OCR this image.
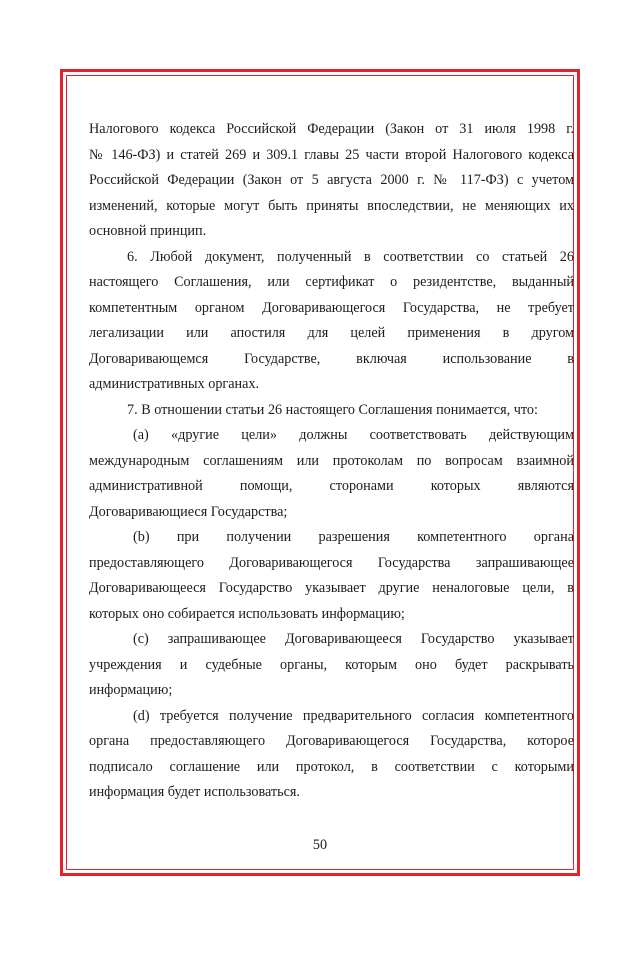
Налогового кодекса Российской Федерации (Закон от 31 июля 1998 г.

№ 146-ФЗ) и статей 269 и 309.1 главы 25 части второй Налогового кодекса

Российской Федерации (Закон от 5 августа 2000 г. № 117-ФЗ) с учетом

изменений, которые могут быть приняты впоследствии, не меняющих их

основной принцип.

6. Любой документ, полученный в соответствии со статьей 26

настоящего Соглашения, или сертификат о резидентстве, выданный

компетентным органом Договаривающегося Государства, не требует

легализации или апостиля для целей применения в другом

Договаривающемся Государстве, включая использование в

административных органах.

7. В отношении статьи 26 настоящего Соглашения понимается, что:

(a) «другие цели» должны соответствовать действующим

международным соглашениям или протоколам по вопросам взаимной

административной помощи, сторонами которых являются

Договаривающиеся Государства;

(b) при получении разрешения компетентного органа

предоставляющего Договаривающегося Государства запрашивающее

Договаривающееся Государство указывает другие неналоговые цели, в

которых оно собирается использовать информацию;

(c) запрашивающее Договаривающееся Государство указывает

учреждения и судебные органы, которым оно будет раскрывать

информацию;

(d) требуется получение предварительного согласия компетентного

органа предоставляющего Договаривающегося Государства, которое

подписало соглашение или протокол, в соответствии с которыми

информация будет использоваться.

50
